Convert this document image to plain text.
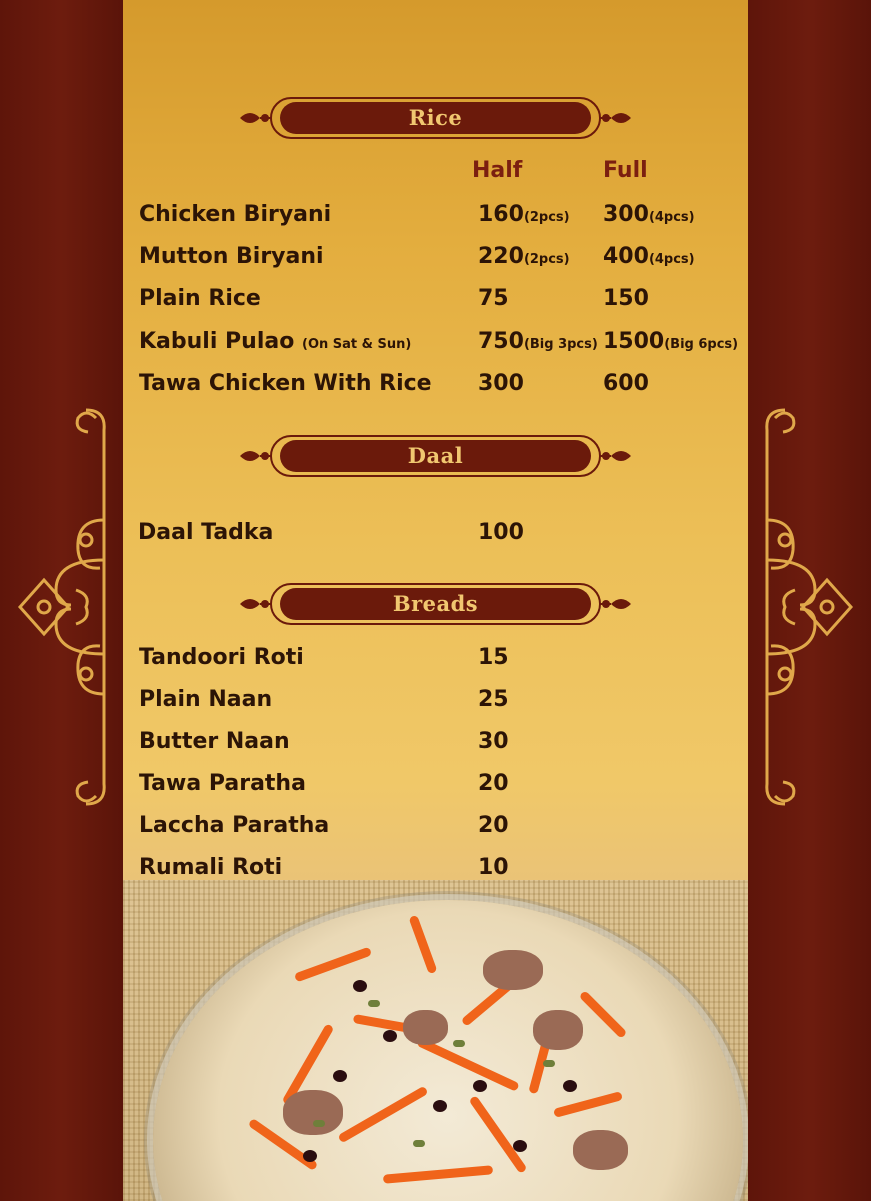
Rice
Half	Full
Chicken Biryani	160(2pcs) 300(4pcs)
Mutton Biryani	220(2pcs) 400(4pcs)
Plain Rice	75	150
Kabuli Pulao (On Sat & Sun)	750(Big 3pcs) 1500(Big 6pcs)
Tawa Chicken With Rice 300	600
Daal
Daal Tadka	100
Breads
Tandoori Roti	15
Plain Naan	25
Butter Naan	30
Tawa Paratha	20
Laccha Paratha	20
Rumali Roti	10
